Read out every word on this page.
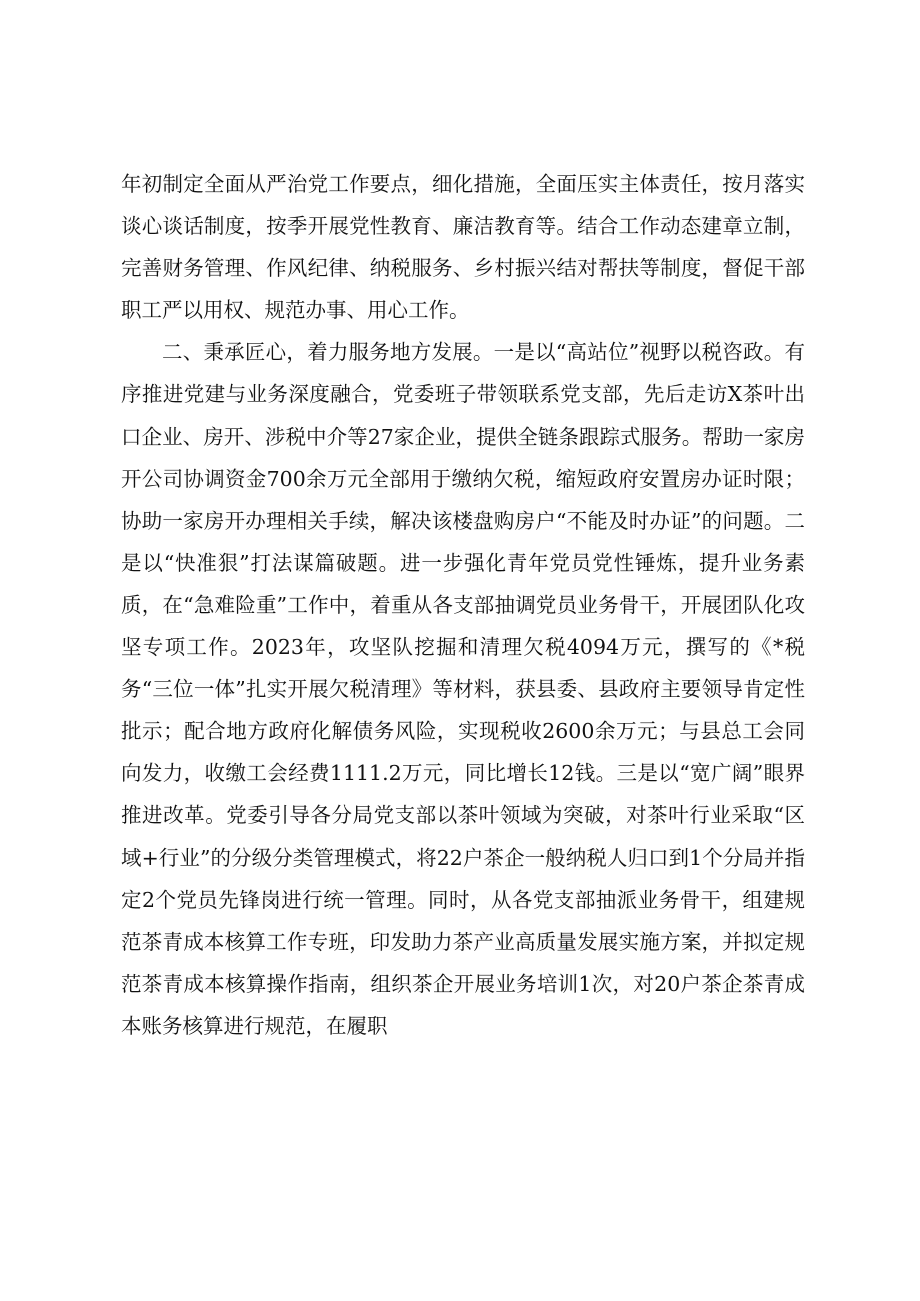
年初制定全面从严治党工作要点，细化措施，全面压实主体责任，按月落实谈心谈话制度，按季开展党性教育、廉洁教育等。结合工作动态建章立制，完善财务管理、作风纪律、纳税服务、乡村振兴结对帮扶等制度，督促干部职工严以用权、规范办事、用心工作。

二、秉承匠心，着力服务地方发展。一是以“高站位”视野以税咨政。有序推进党建与业务深度融合，党委班子带领联系党支部，先后走访X茶叶出口企业、房开、涉税中介等27家企业，提供全链条跟踪式服务。帮助一家房开公司协调资金700余万元全部用于缴纳欠税，缩短政府安置房办证时限；协助一家房开办理相关手续，解决该楼盘购房户“不能及时办证”的问题。二是以“快准狠”打法谋篇破题。进一步强化青年党员党性锤炼，提升业务素质，在“急难险重”工作中，着重从各支部抽调党员业务骨干，开展团队化攻坚专项工作。2023年，攻坚队挖掘和清理欠税4094万元，撰写的《*税务“三位一体”扎实开展欠税清理》等材料，获县委、县政府主要领导肯定性批示；配合地方政府化解债务风险，实现税收2600余万元；与县总工会同向发力，收缴工会经费1111.2万元，同比增长12钱。三是以“宽广阔”眼界推进改革。党委引导各分局党支部以茶叶领域为突破，对茶叶行业采取“区域+行业”的分级分类管理模式，将22户茶企一般纳税人归口到1个分局并指定2个党员先锋岗进行统一管理。同时，从各党支部抽派业务骨干，组建规范茶青成本核算工作专班，印发助力茶产业高质量发展实施方案，并拟定规范茶青成本核算操作指南，组织茶企开展业务培训1次，对20户茶企茶青成本账务核算进行规范，在履职
